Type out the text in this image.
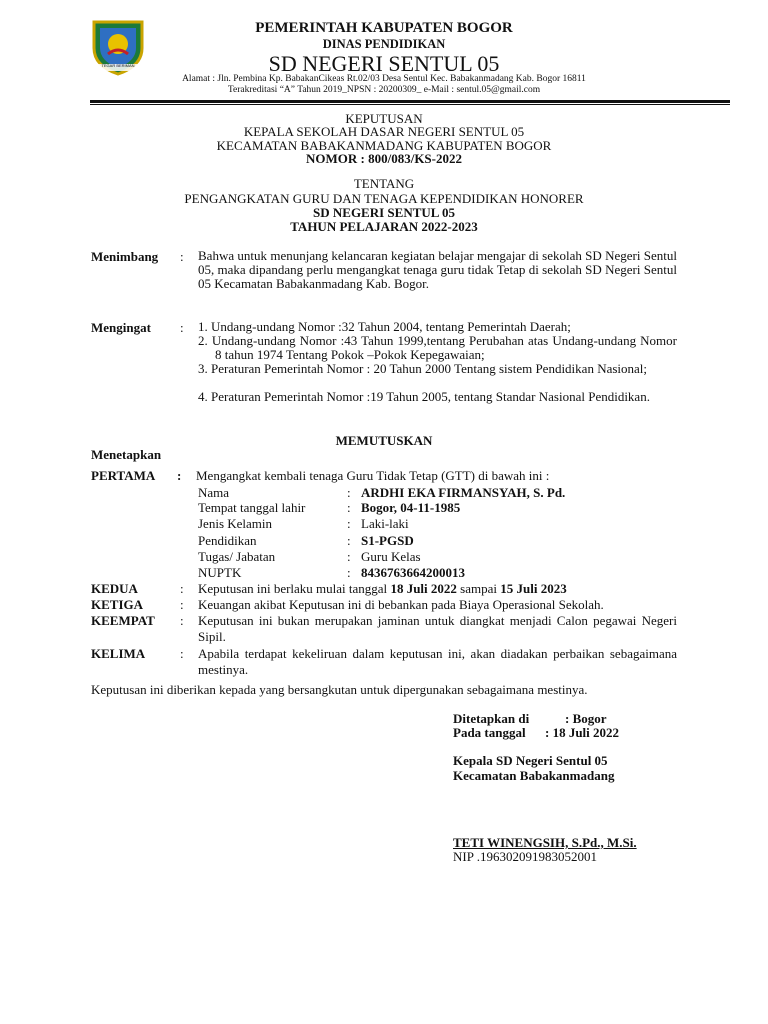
TEGAR BERIMAN
PEMERINTAH KABUPATEN BOGOR
DINAS PENDIDIKAN
SD NEGERI SENTUL 05
Alamat : Jln. Pembina Kp. BabakanCikeas Rt.02/03 Desa Sentul Kec. Babakanmadang Kab. Bogor 16811
Terakreditasi “A” Tahun 2019_NPSN : 20200309_ e-Mail : sentul.05@gmail.com
KEPUTUSAN
KEPALA SEKOLAH DASAR NEGERI SENTUL 05
KECAMATAN BABAKANMADANG KABUPATEN BOGOR
NOMOR : 800/083/KS-2022
TENTANG
PENGANGKATAN GURU DAN TENAGA KEPENDIDIKAN HONORER
SD NEGERI SENTUL 05
TAHUN PELAJARAN 2022-2023
Menimbang : Bahwa untuk menunjang kelancaran kegiatan belajar mengajar di sekolah SD Negeri Sentul 05, maka dipandang perlu mengangkat tenaga guru tidak Tetap di sekolah SD Negeri Sentul 05 Kecamatan Babakanmadang Kab. Bogor.
Mengingat : 1. Undang-undang Nomor :32 Tahun 2004, tentang Pemerintah Daerah;
2. Undang-undang Nomor :43 Tahun 1999,tentang Perubahan atas Undang-undang Nomor 8 tahun 1974 Tentang Pokok –Pokok Kepegawaian;
3. Peraturan Pemerintah Nomor : 20 Tahun 2000 Tentang sistem Pendidikan Nasional;
4. Peraturan Pemerintah Nomor :19 Tahun 2005, tentang Standar Nasional Pendidikan.
MEMUTUSKAN
Menetapkan
PERTAMA : Mengangkat kembali tenaga Guru Tidak Tetap (GTT) di bawah ini :
Nama	: ARDHI EKA FIRMANSYAH, S. Pd.
Tempat tanggal lahir	: Bogor, 04-11-1985
Jenis Kelamin	: Laki-laki
Pendidikan	: S1-PGSD
Tugas/ Jabatan	: Guru Kelas
NUPTK	: 8436763664200013
KEDUA	: Keputusan ini berlaku mulai tanggal 18 Juli 2022 sampai 15 Juli 2023
KETIGA	: Keuangan akibat Keputusan ini di bebankan pada Biaya Operasional Sekolah.
KEEMPAT : Keputusan ini bukan merupakan jaminan untuk diangkat menjadi Calon pegawai Negeri Sipil.
KELIMA	: Apabila terdapat kekeliruan dalam keputusan ini, akan diadakan perbaikan sebagaimana mestinya.
Keputusan ini diberikan kepada yang bersangkutan untuk dipergunakan sebagaimana mestinya.
Ditetapkan di	: Bogor
Pada tanggal : 18 Juli 2022
Kepala SD Negeri Sentul 05
Kecamatan Babakanmadang
TETI WINENGSIH, S.Pd., M.Si.
NIP .196302091983052001
